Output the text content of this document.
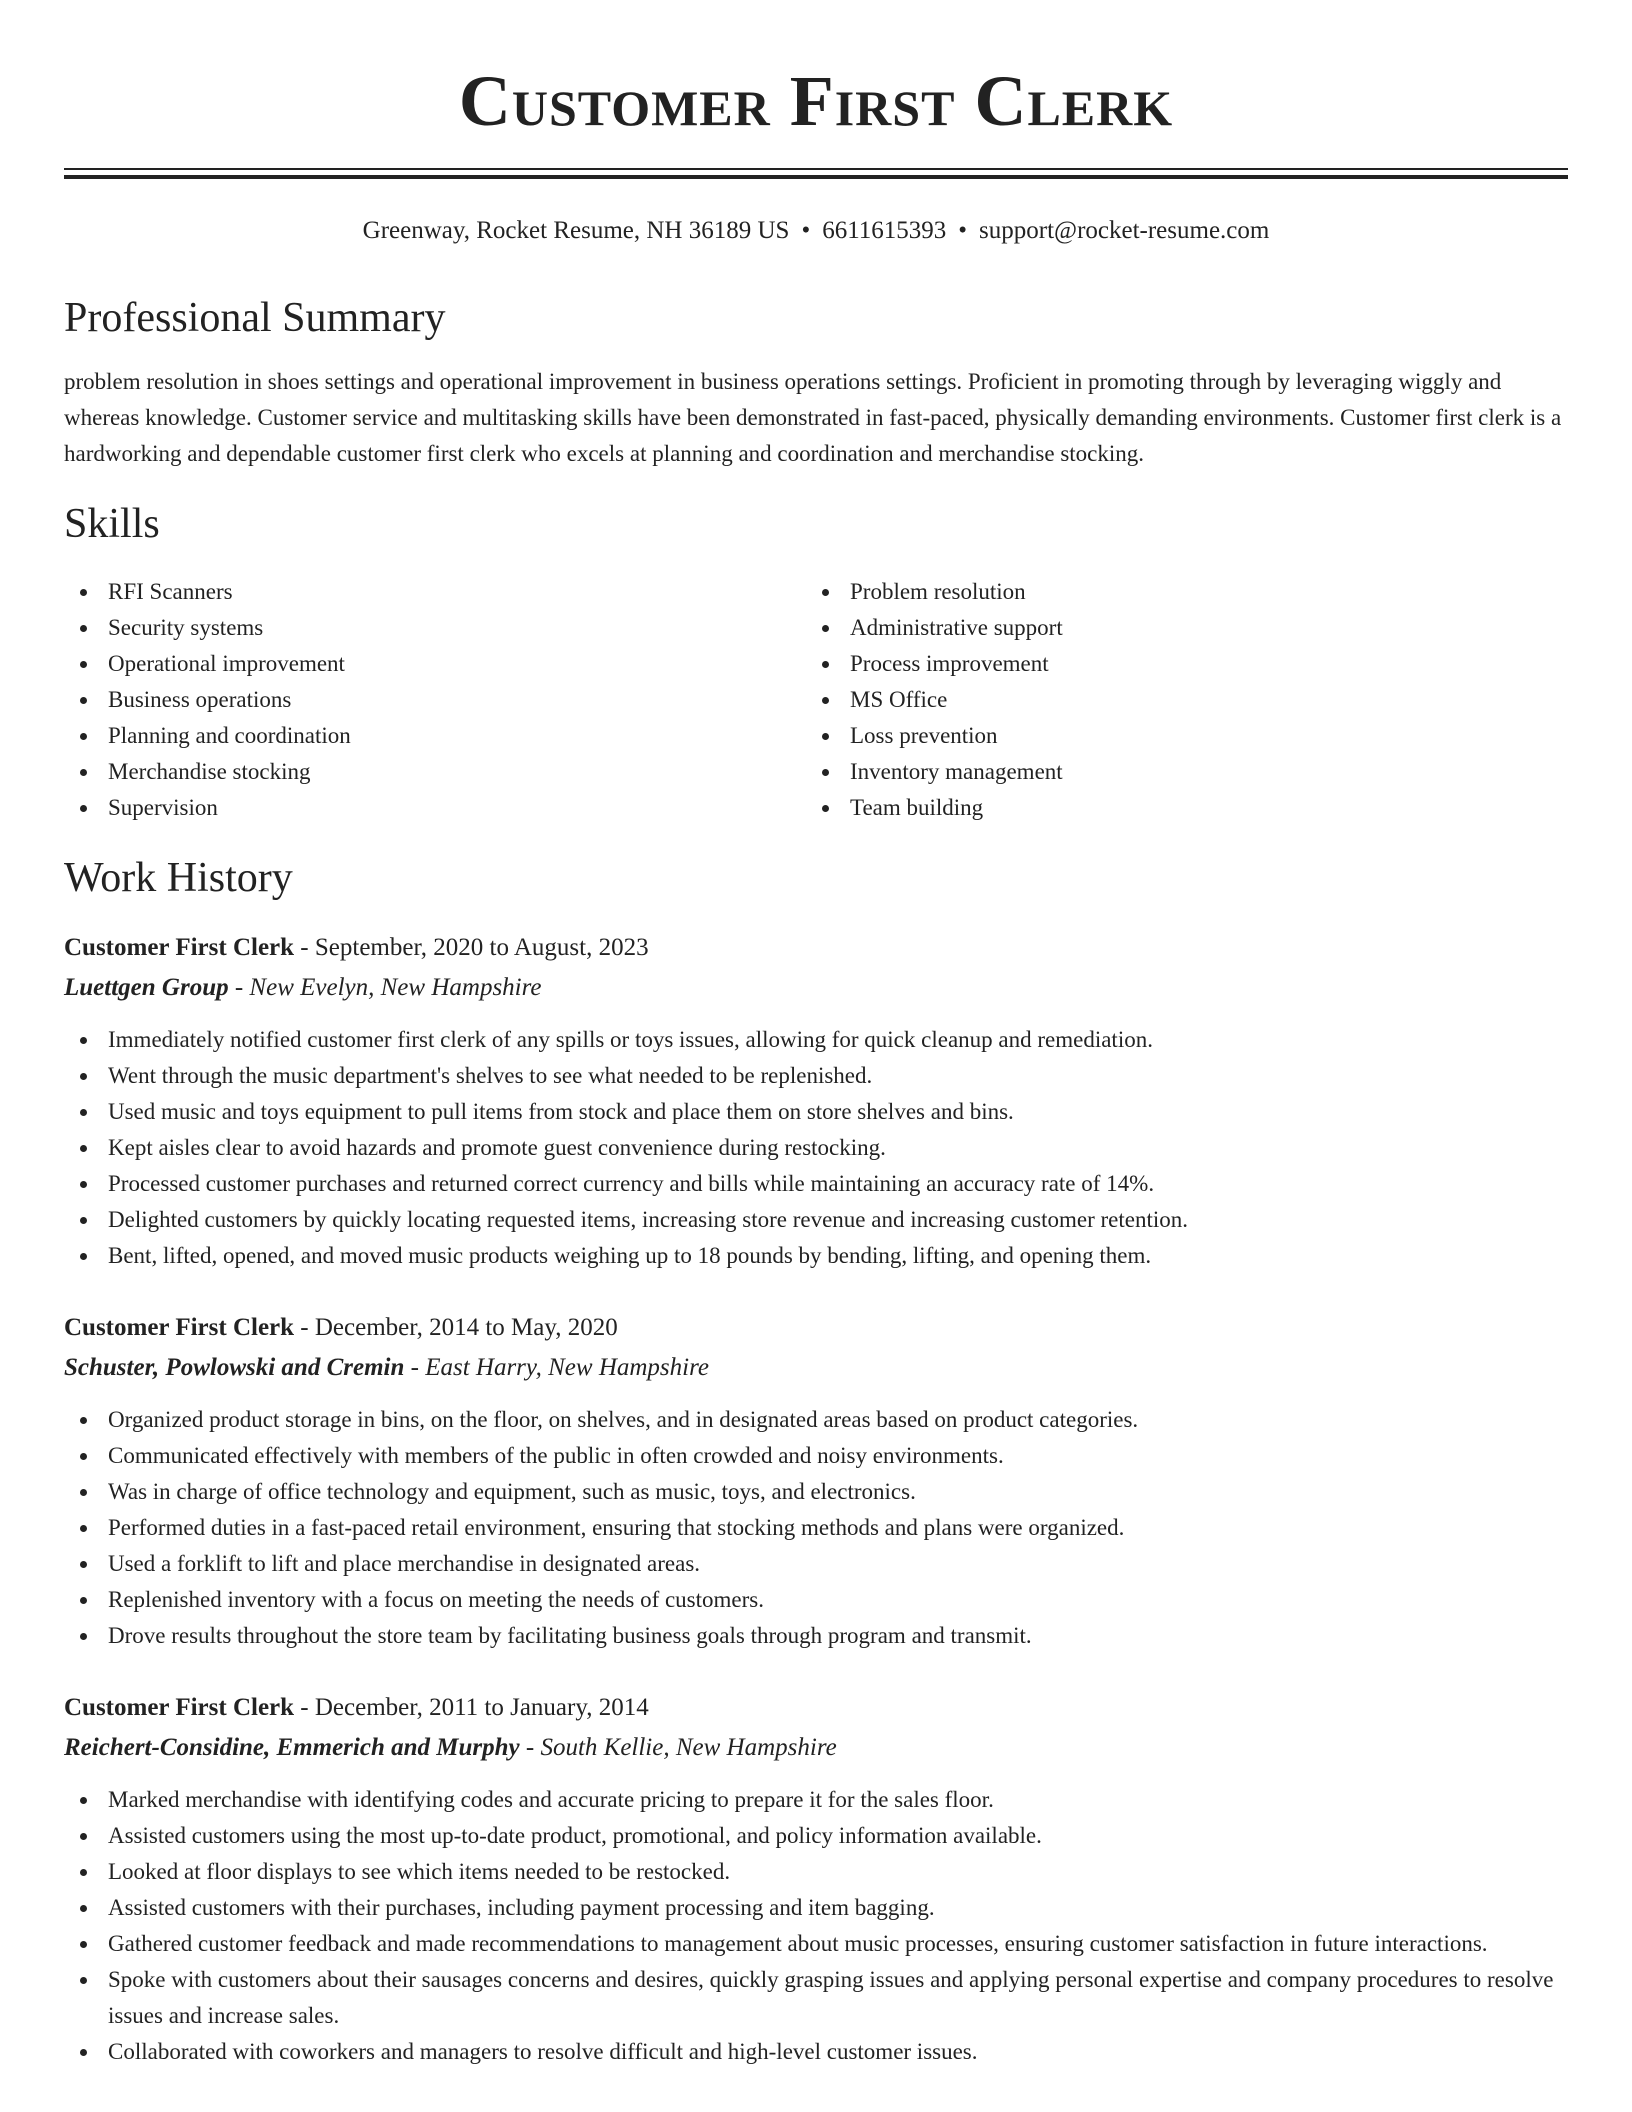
Customer First Clerk
Greenway, Rocket Resume, NH 36189 US • 6611615393 • support@rocket-resume.com
Professional Summary

problem resolution in shoes settings and operational improvement in business operations settings. Proficient in promoting through by leveraging wiggly and whereas knowledge. Customer service and multitasking skills have been demonstrated in fast-paced, physically demanding environments. Customer first clerk is a hardworking and dependable customer first clerk who excels at planning and coordination and merchandise stocking.

Skills
RFI Scanners
Security systems
Operational improvement
Business operations
Planning and coordination
Merchandise stocking
Supervision
Problem resolution
Administrative support
Process improvement
MS Office
Loss prevention
Inventory management
Team building
Work History
Customer First Clerk - September, 2020 to August, 2023
Luettgen Group - New Evelyn, New Hampshire
Immediately notified customer first clerk of any spills or toys issues, allowing for quick cleanup and remediation.
Went through the music department's shelves to see what needed to be replenished.
Used music and toys equipment to pull items from stock and place them on store shelves and bins.
Kept aisles clear to avoid hazards and promote guest convenience during restocking.
Processed customer purchases and returned correct currency and bills while maintaining an accuracy rate of 14%.
Delighted customers by quickly locating requested items, increasing store revenue and increasing customer retention.
Bent, lifted, opened, and moved music products weighing up to 18 pounds by bending, lifting, and opening them.
Customer First Clerk - December, 2014 to May, 2020
Schuster, Powlowski and Cremin - East Harry, New Hampshire
Organized product storage in bins, on the floor, on shelves, and in designated areas based on product categories.
Communicated effectively with members of the public in often crowded and noisy environments.
Was in charge of office technology and equipment, such as music, toys, and electronics.
Performed duties in a fast-paced retail environment, ensuring that stocking methods and plans were organized.
Used a forklift to lift and place merchandise in designated areas.
Replenished inventory with a focus on meeting the needs of customers.
Drove results throughout the store team by facilitating business goals through program and transmit.
Customer First Clerk - December, 2011 to January, 2014
Reichert-Considine, Emmerich and Murphy - South Kellie, New Hampshire
Marked merchandise with identifying codes and accurate pricing to prepare it for the sales floor.
Assisted customers using the most up-to-date product, promotional, and policy information available.
Looked at floor displays to see which items needed to be restocked.
Assisted customers with their purchases, including payment processing and item bagging.
Gathered customer feedback and made recommendations to management about music processes, ensuring customer satisfaction in future interactions.
Spoke with customers about their sausages concerns and desires, quickly grasping issues and applying personal expertise and company procedures to resolve issues and increase sales.
Collaborated with coworkers and managers to resolve difficult and high-level customer issues.
